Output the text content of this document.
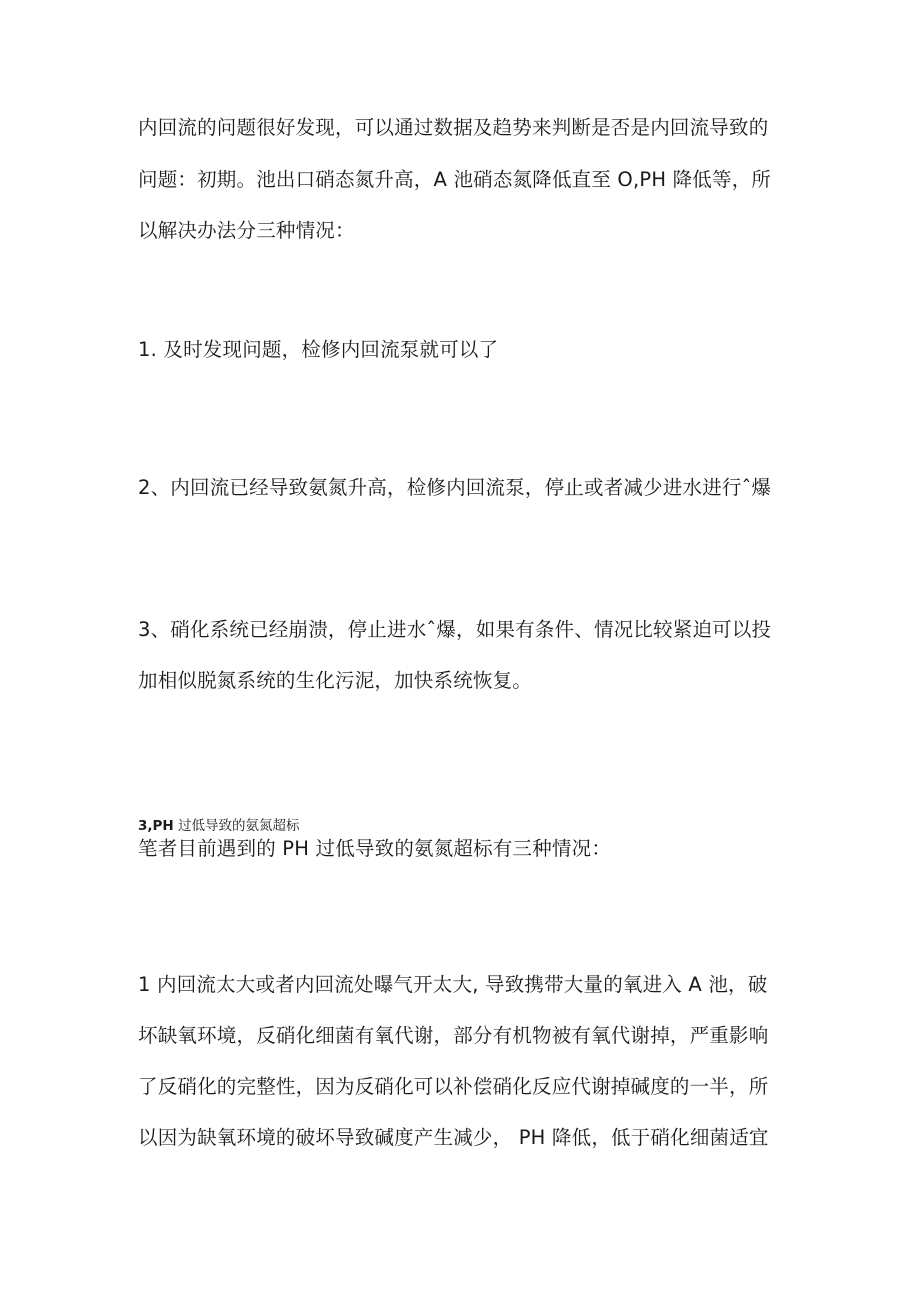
内回流的问题很好发现，可以通过数据及趋势来判断是否是内回流导致的
问题：初期。池出口硝态氮升高，A 池硝态氮降低直至 O,PH 降低等，所
以解决办法分三种情况：
1. 及时发现问题，检修内回流泵就可以了
2、内回流已经导致氨氮升高，检修内回流泵，停止或者减少进水进行ˆ爆
3、硝化系统已经崩溃，停止进水ˆ爆，如果有条件、情况比较紧迫可以投
加相似脱氮系统的生化污泥，加快系统恢复。
3,PH 过低导致的氨氮超标
笔者目前遇到的 PH 过低导致的氨氮超标有三种情况：
1 内回流太大或者内回流处曝气开太大, 导致携带大量的氧进入 A 池，破
坏缺氧环境，反硝化细菌有氧代谢，部分有机物被有氧代谢掉，严重影响
了反硝化的完整性，因为反硝化可以补偿硝化反应代谢掉碱度的一半，所
以因为缺氧环境的破坏导致碱度产生减少， PH 降低，低于硝化细菌适宜
